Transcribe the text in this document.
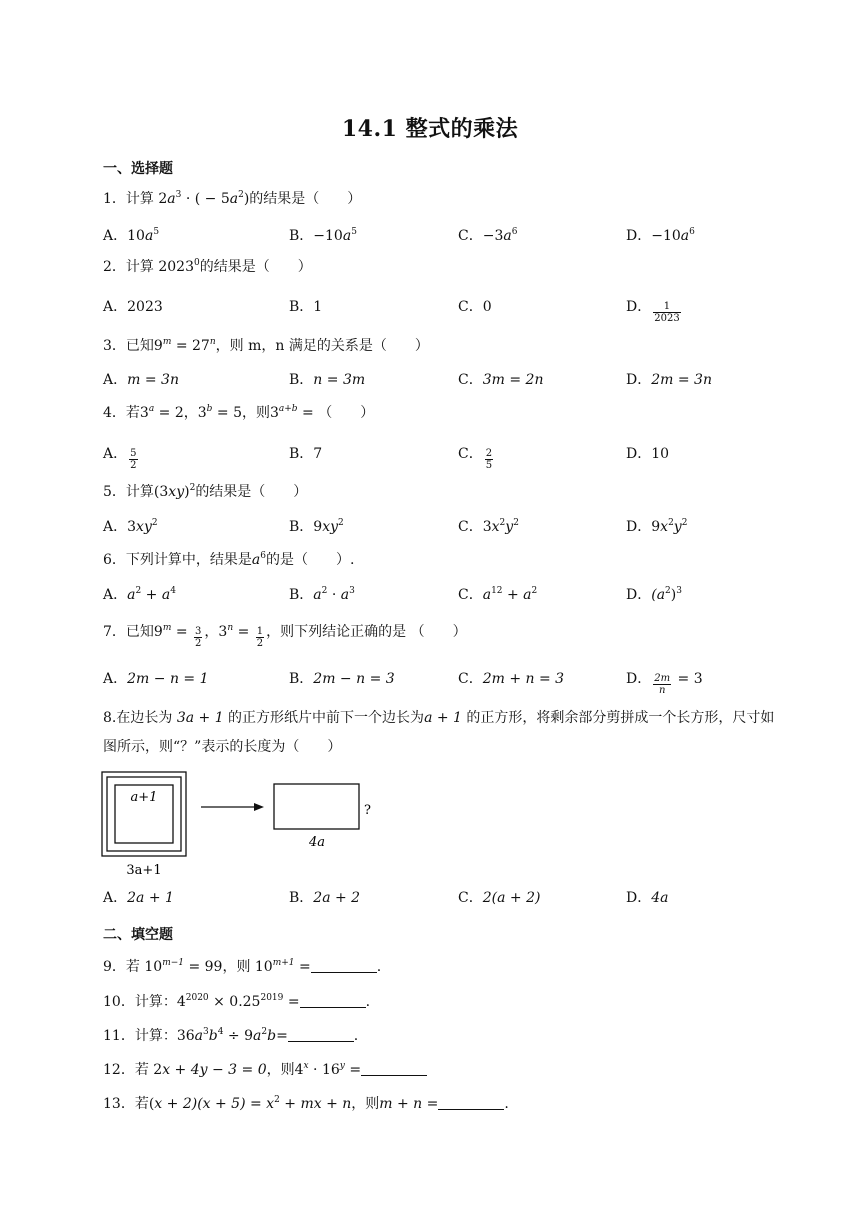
14.1 整式的乘法
一、选择题
1．计算 $2a^3$ · ( − $5a^2$)的结果是（　　）
A．$10a^5$	B．$-10a^5$	C．$-3a^6$	D．$-10a^6$
2．计算 2023$^0$的结果是（　　）
A．2023	B．1	C．0	D． $\frac{1}{2023}$
3．已知$9^m = 27^n$，则 m，n 满足的关系是（　　）
A．m = 3n	B．n = 3m	C．3m = 2n	D．2m = 3n
4．若$3^a = 2$，$3^b = 5$，则$3^{a+b}$ = （　　）
A． $\frac{5}{2}$	B．7	C． $\frac{2}{5}$	D．10
5．计算$(3xy)^2$的结果是（　　）
A．$3xy^2$	B．$9xy^2$	C．$3x^2y^2$	D．$9x^2y^2$
6．下列计算中，结果是$a^6$的是（　　）.
A．$a^2 + a^4$	B．$a^2 \cdot a^3$	C．$a^{12} + a^2$	D．$(a^2)^3$
7．已知$9^m = \frac{3}{2}$ ，$3^n = \frac{1}{2}$ ，则下列结论正确的是 （　　）
A．2m − n = 1	B．2m − n = 3	C．2m + n = 3	D． $\frac{2m}{n} = 3$
8.在边长为 3a + 1 的正方形纸片中前下一个边长为a + 1 的正方形，将剩余部分剪拼成一个长方形，尺寸如图所示，则“？”表示的长度为（　　）
a+1
3a+1
?
4a
A．2a + 1	B．2a + 2	C．2(a + 2)	D．4a
二、填空题
9．若 $10^{m-1} = 99$，则 $10^{m+1}$ =	.
10．计算：$4^{2020} \times 0.25^{2019}$ =	.
11．计算：$36a^3b^4 \div 9a^2b=$	.
12．若 2x + 4y − 3 = 0，则$4^x \cdot 16^y$ =
13．若$(x + 2)(x + 5) = x^2$ + mx + n，则m + n =	.
